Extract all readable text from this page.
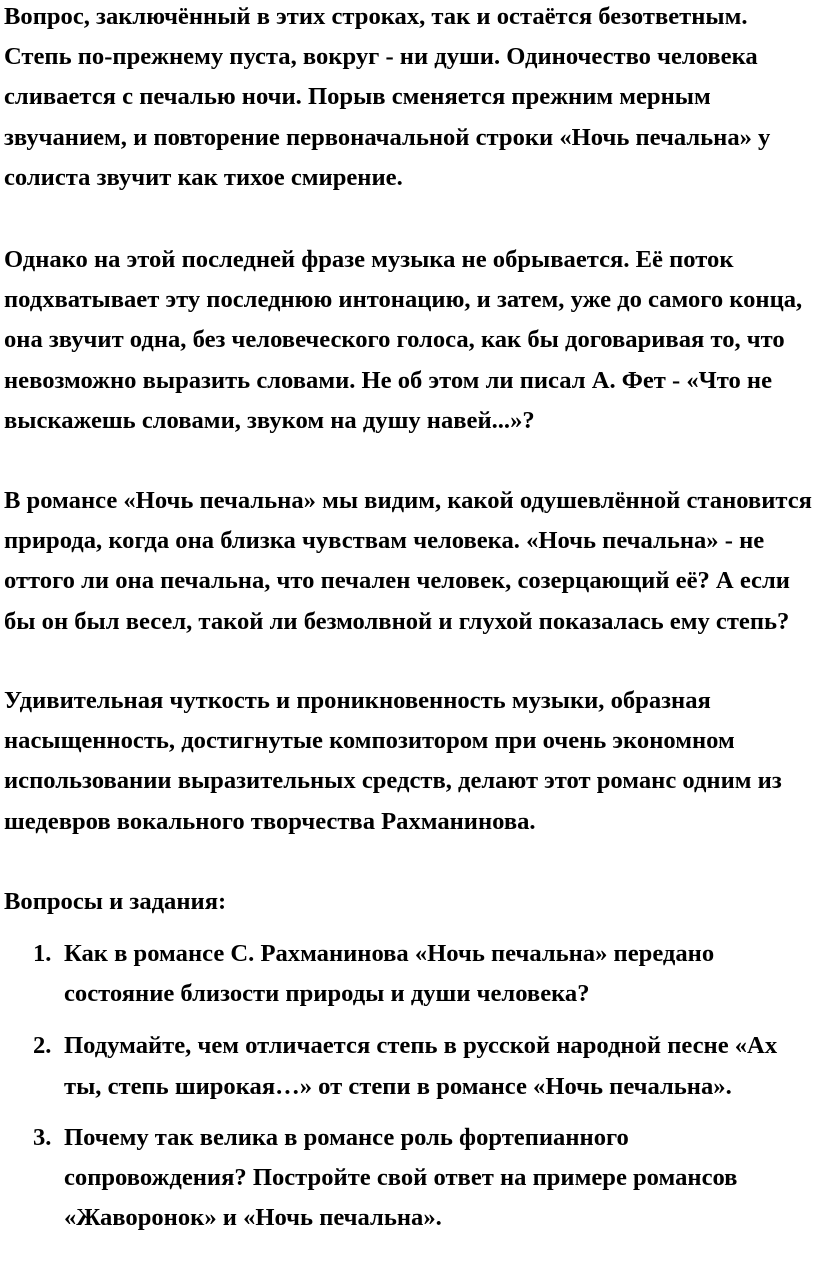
Вопрос, заключённый в этих строках, так и остаётся безответным. Степь по-прежнему пуста, вокруг - ни души. Одиночество человека сливается с печалью ночи. Порыв сменяется прежним мерным звучанием, и повторение первоначальной строки «Ночь печальна» у солиста звучит как тихое смирение.

Однако на этой последней фразе музыка не обрывается. Её поток подхватывает эту последнюю интонацию, и затем, уже до самого конца, она звучит одна, без человеческого голоса, как бы договаривая то, что невозможно выразить словами. Не об этом ли писал А. Фет - «Что не выскажешь словами, звуком на душу навей...»?

В романсе «Ночь печальна» мы видим, какой одушевлённой становится природа, когда она близка чувствам человека. «Ночь печальна» - не оттого ли она печальна, что печален человек, созерцающий её? А если бы он был весел, такой ли безмолвной и глухой показалась ему степь?

Удивительная чуткость и проникновенность музыки, образная насыщенность, достигнутые композитором при очень экономном использовании выразительных средств, делают этот романс одним из шедевров вокального творчества Рахманинова.

Вопросы и задания:

1. Как в романсе С. Рахманинова «Ночь печальна» передано состояние близости природы и души человека?
2. Подумайте, чем отличается степь в русской народной песне «Ах ты, степь широкая…» от степи в романсе «Ночь печальна».
3. Почему так велика в романсе роль фортепианного сопровождения? Постройте свой ответ на примере романсов «Жаворонок» и «Ночь печальна».
